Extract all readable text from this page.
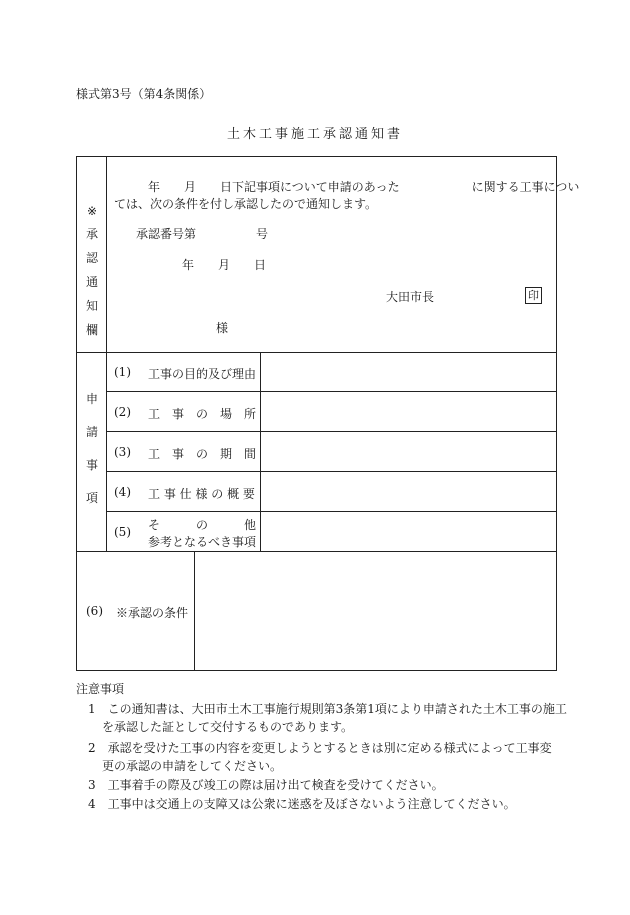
様式第3号（第4条関係）
土木工事施工承認通知書
※
承
認
通
知
欄
年　　月　　日下記事項について申請のあった　　　　　　に関する工事につい
ては、次の条件を付し承認したので通知します。
承認番号第　　　　　号
年　　月　　日
大田市長	印
様
申
請
事
項
(1) 工事の目的及び理由
(2) 工　事　の　場　所
(3) 工　事　の　期　間
(4) 工 事 仕 様 の 概 要
(5) そ　　　の　　　他
参考となるべき事項
(6) ※承認の条件
注意事項
1　この通知書は、大田市土木工事施行規則第3条第1項により申請された土木工事の施工
を承認した証として交付するものであります。
2　承認を受けた工事の内容を変更しようとするときは別に定める様式によって工事変
更の承認の申請をしてください。
3　工事着手の際及び竣工の際は届け出て検査を受けてください。
4　工事中は交通上の支障又は公衆に迷惑を及ぼさないよう注意してください。
